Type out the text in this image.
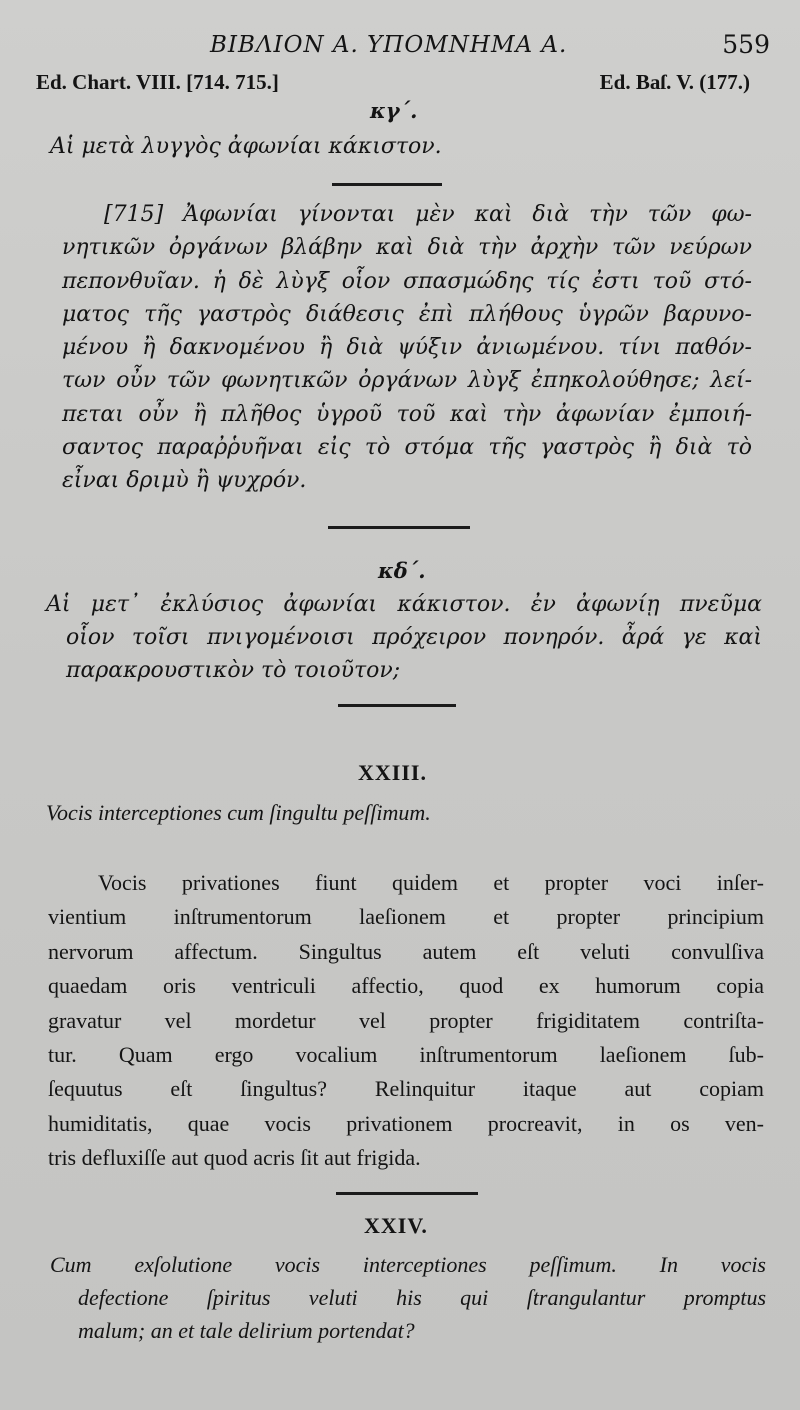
ΒΙΒΛΙΟΝ Α. ΥΠΟΜΝΗΜΑ Α.	559
Ed. Chart. VIII. [714. 715.]	Ed. Baſ. V. (177.)
κγ΄.
Αἱ μετὰ λυγγὸς ἀφωνίαι κάκιστον.
[715] Ἀφωνίαι γίνονται μὲν καὶ διὰ τὴν τῶν φω-
νητικῶν ὀργάνων βλάβην καὶ διὰ τὴν ἀρχὴν τῶν νεύρων
πεπονθυῖαν. ἡ δὲ λὺγξ οἷον σπασμώδης τίς ἐστι τοῦ στό-
ματος τῆς γαστρὸς διάθεσις ἐπὶ πλήθους ὑγρῶν βαρυνο-
μένου ἢ δακνομένου ἢ διὰ ψύξιν ἀνιωμένου. τίνι παθόν-
των οὖν τῶν φωνητικῶν ὀργάνων λὺγξ ἐπηκολούθησε; λεί-
πεται οὖν ἢ πλῆθος ὑγροῦ τοῦ καὶ τὴν ἀφωνίαν ἐμποιή-
σαντος παραῤῥυῆναι εἰς τὸ στόμα τῆς γαστρὸς ἢ διὰ τὸ
εἶναι δριμὺ ἢ ψυχρόν.
κδ΄.
Αἱ μετ᾽ ἐκλύσιος ἀφωνίαι κάκιστον. ἐν ἀφωνίῃ πνεῦμα
οἷον τοῖσι πνιγομένοισι πρόχειρον πονηρόν. ἆρά γε καὶ
παρακρουστικὸν τὸ τοιοῦτον;
XXIII.
Vocis interceptiones cum ſingultu peſſimum.
Vocis privationes fiunt quidem et propter voci inſer-
vientium inſtrumentorum laeſionem et propter principium
nervorum affectum. Singultus autem eſt veluti convulſiva
quaedam oris ventriculi affectio, quod ex humorum copia
gravatur vel mordetur vel propter frigiditatem contriſta-
tur. Quam ergo vocalium inſtrumentorum laeſionem ſub-
ſequutus eſt ſingultus? Relinquitur itaque aut copiam
humiditatis, quae vocis privationem procreavit, in os ven-
tris defluxiſſe aut quod acris ſit aut frigida.
XXIV.
Cum exſolutione vocis interceptiones peſſimum. In vocis
defectione ſpiritus veluti his qui ſtrangulantur promptus
malum; an et tale delirium portendat?
